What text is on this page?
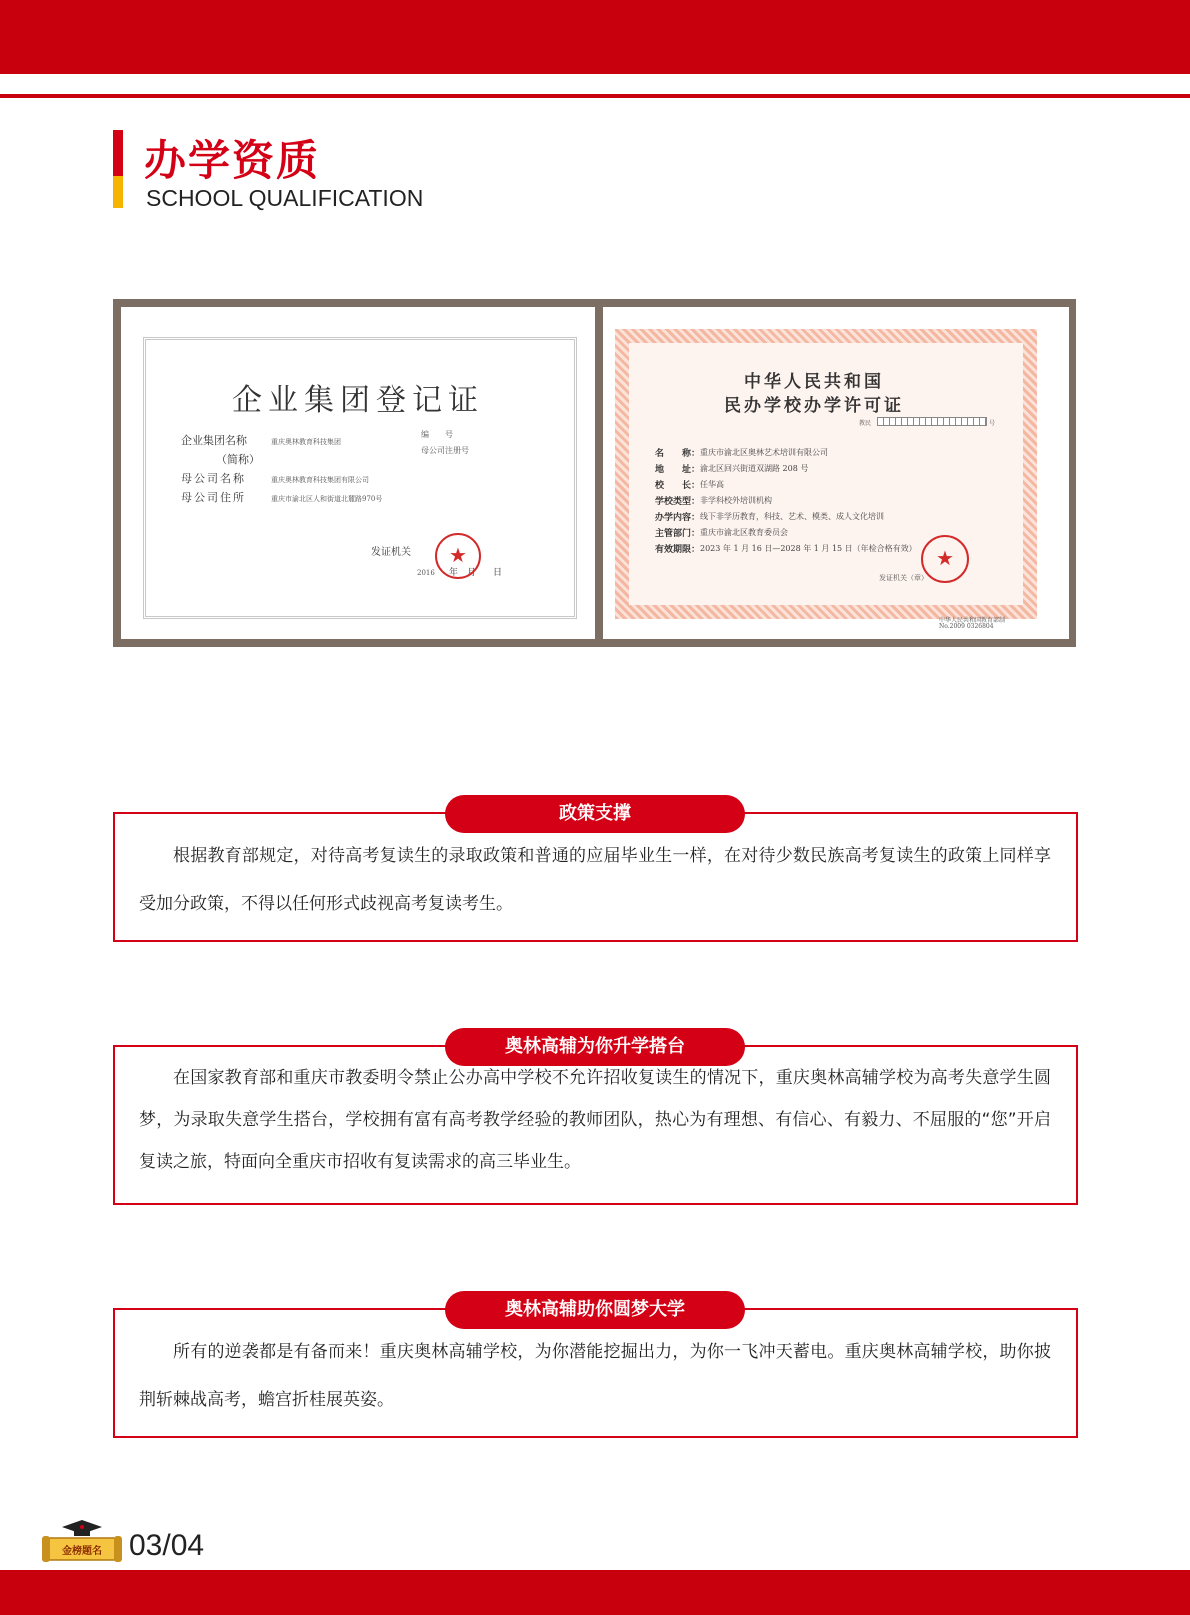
办学资质
SCHOOL QUALIFICATION
企业集团登记证
企业集团名称	重庆奥林教育科技集团
（简称）
母公司名称	重庆奥林教育科技集团有限公司
母公司住所	重庆市渝北区人和街道北麓路970号
编　　号
母公司注册号
发证机关
2016 年　月 日
★
中华人民共和国
民办学校办学许可证
教民	号
名　　称： 重庆市渝北区奥林艺术培训有限公司
地　　址： 渝北区回兴街道双湖路 208 号
校　　长： 任华高
学校类型： 非学科校外培训机构
办学内容： 线下非学历教育，科技、艺术、模类、成人文化培训
主管部门： 重庆市渝北区教育委员会
有效期限： 2023 年 1 月 16 日—2028 年 1 月 15 日（年检合格有效）
发证机关（章）
★
中华人民共和国教育部制
No.2009 0326804
根据教育部规定，对待高考复读生的录取政策和普通的应届毕业生一样，在对待少数民族高考复读生的政策上同样享受加分政策，不得以任何形式歧视高考复读考生。
政策支撑
在国家教育部和重庆市教委明令禁止公办高中学校不允许招收复读生的情况下，重庆奥林高辅学校为高考失意学生圆梦，为录取失意学生搭台，学校拥有富有高考教学经验的教师团队，热心为有理想、有信心、有毅力、不屈服的“您”开启复读之旅，特面向全重庆市招收有复读需求的高三毕业生。
奥林高辅为你升学搭台
所有的逆袭都是有备而来！重庆奥林高辅学校，为你潜能挖掘出力，为你一飞冲天蓄电。重庆奥林高辅学校，助你披荆斩棘战高考，蟾宫折桂展英姿。
奥林高辅助你圆梦大学
金榜题名 03/04
